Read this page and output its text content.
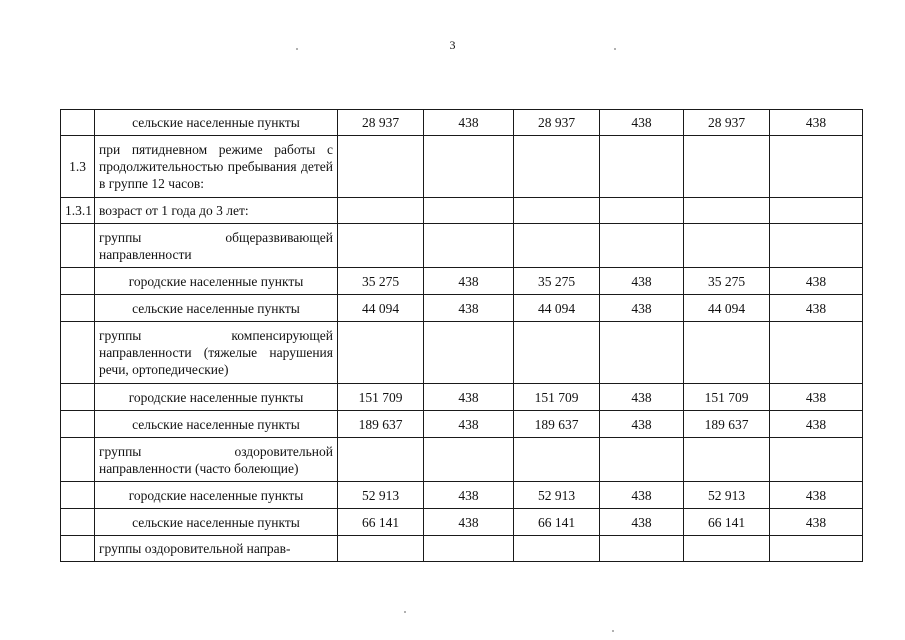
3
	сельские населенные пункты	28 937	438	28 937	438	28 937	438
1.3	при пятидневном режиме работы с продолжительностью пребывания детей в группе 12 часов:						
1.3.1	возраст от 1 года до 3 лет:						
	группы общеразвивающей направленности						
	городские населенные пункты	35 275	438	35 275	438	35 275	438
	сельские населенные пункты	44 094	438	44 094	438	44 094	438
	группы компенсирующей направленности (тяжелые нарушения речи, ортопедические)						
	городские населенные пункты	151 709	438	151 709	438	151 709	438
	сельские населенные пункты	189 637	438	189 637	438	189 637	438
	группы оздоровительной направленности (часто болеющие)						
	городские населенные пункты	52 913	438	52 913	438	52 913	438
	сельские населенные пункты	66 141	438	66 141	438	66 141	438
	группы оздоровительной направ-						
